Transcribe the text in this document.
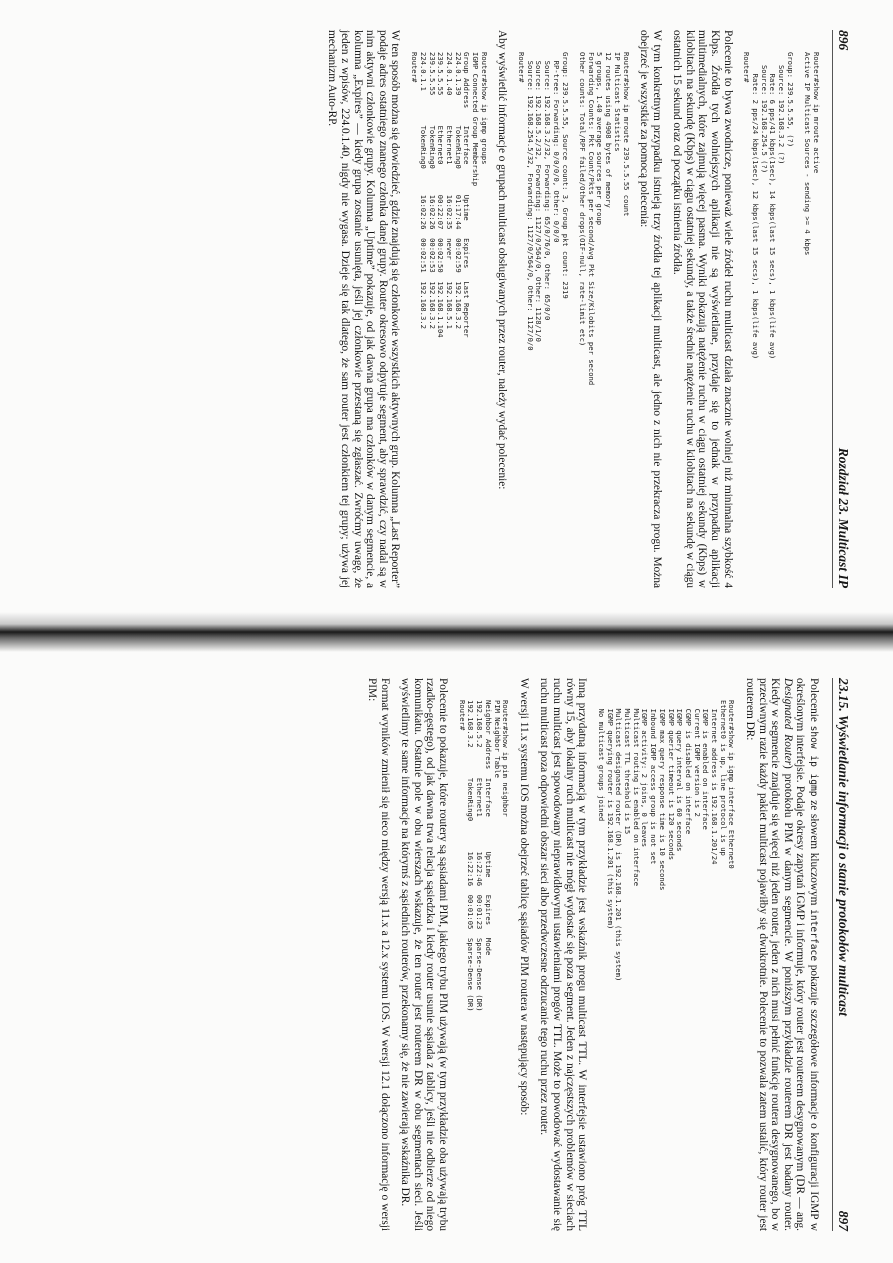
896
Rozdział 23. Multicast IP
Router#show ip mroute active
Active IP Multicast Sources - sending >= 4 kbps

Group: 239.5.5.55, (?)
Source: 192.168.3.2 (?)
Rate: 6 pps/41 kbps(1sec), 14 kbps(last 15 secs), 1 kbps(life avg)
Source: 192.168.254.5 (?)
Rate: 2 pps/24 kbps(1sec), 12 kbps(last 15 secs), 1 kbps(life avg)
Router#

Polecenie to bywa zwodnicze, ponieważ wiele źródeł ruchu multicast działa znacznie wolniej niż minimalna szybkość 4 Kbps. Źródła tych wolniejszych aplikacji nie są wyświetlane, przydaje się to jednak w przypadku aplikacji multimedialnych, które zajmują więcej pasma. Wyniki pokazują natężenie ruchu w ciągu ostatniej sekundy (Kbps) w kilobitach na sekundę (Kbps) w ciągu ostatniej sekundy, a także średnie natężenie ruchu w kilobitach na sekundę w ciągu ostatnich 15 sekund oraz od początku istnienia źródła.

W tym konkretnym przypadku istnieją trzy źródła tej aplikacji multicast, ale jedno z nich nie przekracza progu. Można obejrzeć je wszystkie za pomocą polecenia:

Router#show ip mroute 239.5.5.55 count
IP Multicast Statistics
12 routes using 4908 bytes of memory
5 groups, 1.40 average sources per group
Forwarding Counts: Pkt Count/Pkts per second/Avg Pkt Size/Kilobits per second
Other counts: Total/RPF failed/Other drops(OIF-null, rate-limit etc)

Group: 239.5.5.55, Source count: 3, Group pkt count: 2319
RP-tree: Forwarding: 0/0/0/0, Other: 0/0/0
Source: 192.168.3.2/32, Forwarding: 65/0/76/0, Other: 65/0/0
Source: 192.168.5.2/32, Forwarding: 1127/0/564/0, Other: 1128/1/0
Source: 192.168.254.5/32, Forwarding: 1127/0/564/0, Other: 1127/0/0
Router#

Aby wyświetlić informacje o grupach multicast obsługiwanych przez router, należy wydać polecenie:

Router#show ip igmp groups
IGMP Connected Group Membership
Group Address    Interface       Uptime    Expires   Last Reporter
224.0.1.39       TokenRing0      01:17:44  00:02:59  192.168.3.2
224.0.1.40       Ethernet1       16:02:35  never     192.168.5.1
239.5.5.55       Ethernet0       00:22:07  00:02:50  192.168.1.104
239.5.5.55       TokenRing0      16:02:26  00:02:53  192.168.3.2
224.0.1.1        TokenRing0      16:02:26  00:02:51  192.168.3.2
Router#

W ten sposób można się dowiedzieć, gdzie znajdują się członkowie wszystkich aktywnych grup. Kolumna „Last Reporter” podaje adres ostatniego znanego członka danej grupy. Router okresowo odpytuje segment, aby sprawdzić, czy nadal są w nim aktywni członkowie grupy. Kolumna „Uptime” pokazuje, od jak dawna grupa ma członków w danym segmencie, a kolumna „Expires” — kiedy grupa zostanie usunięta, jeśli jej członkowie przestaną się zgłaszać. Zwróćmy uwagę, że jeden z wpisów, 224.0.1.40, nigdy nie wygasa. Dzieje się tak dlatego, że sam router jest członkiem tej grupy; używa jej mechanizm Auto-RP.

23.15. Wyświetlanie informacji o stanie protokołów multicast
897

Polecenie show ip igmp ze słowem kluczowym interface pokazuje szczegółowe informacje o konfiguracji IGMP w określonym interfejsie. Podaje okresy zapytań IGMP i informuje, który router jest routerem desygnowanym (DR — ang. Designated Router) protokołu PIM w danym segmencie. W poniższym przykładzie routerem DR jest badany router. Kiedy w segmencie znajduje się więcej niż jeden router, jeden z nich musi pełnić funkcję routera desygnowanego, bo w przeciwnym razie każdy pakiet multicast pojawiłby się dwukrotnie. Polecenie to pozwala zatem ustalić, który router jest routerem DR:

Router#show ip igmp interface Ethernet0
Ethernet0 is up, line protocol is up
Internet address is 192.168.1.201/24
IGMP is enabled on interface
Current IGMP version is 2
CGMP is disabled on interface
IGMP query interval is 60 seconds
IGMP querier timeout is 120 seconds
IGMP max query response time is 10 seconds
Inbound IGMP access group is not set
IGMP activity: 2 joins, 0 leaves
Multicast routing is enabled on interface
Multicast TTL threshold is 15
Multicast designated router (DR) is 192.168.1.201 (this system)
IGMP querying router is 192.168.1.201 (this system)
No multicast groups joined

Inną przydatną informacją w tym przykładzie jest wskaźnik progu multicast TTL. W interfejsie ustawiono próg TTL równy 15, aby lokalny ruch multicast nie mógł wydostać się poza segment. Jeden z najczęstszych problemów w sieciach ruchu multicast jest spowodowany nieprawidłowymi ustawieniami progów TTL. Może to powodować wydostawanie się ruchu multicast poza odpowiedni obszar sieci albo przedwczesne odrzucanie tego ruchu przez router.

W wersji 11.x systemu IOS można obejrzeć tablicę sąsiadów PIM routera w następujący sposób:

Router#show ip pim neighbor
PIM Neighbor Table
Neighbor Address  Interface        Uptime    Expires   Mode
192.168.5.2       Ethernet1        16:22:46  00:01:23  Sparse-Dense (DR)
192.168.3.2       TokenRing0       16:22:16  00:01:05  Sparse-Dense (DR)
Router#

Polecenie to pokazuje, które routery są sąsiadami PIM, jakiego trybu PIM używają (w tym przykładzie oba używają trybu rzadko-gęstego), od jak dawna trwa relacja sąsiedzka i kiedy router usunie sąsiada z tablicy, jeśli nie odbierze od niego komunikatu. Ostatnie pole w obu wierszach wskazuje, że ten router jest routerem DR w obu segmentach sieci. Jeśli wyświetlimy te same informacje na którymś z sąsiednich routerów, przekonamy się, że nie zawierają wskaźnika DR.

Format wyników zmienił się nieco między wersją 11.x a 12.x systemu IOS. W wersji 12.1 dołączono informację o wersji PIM:
